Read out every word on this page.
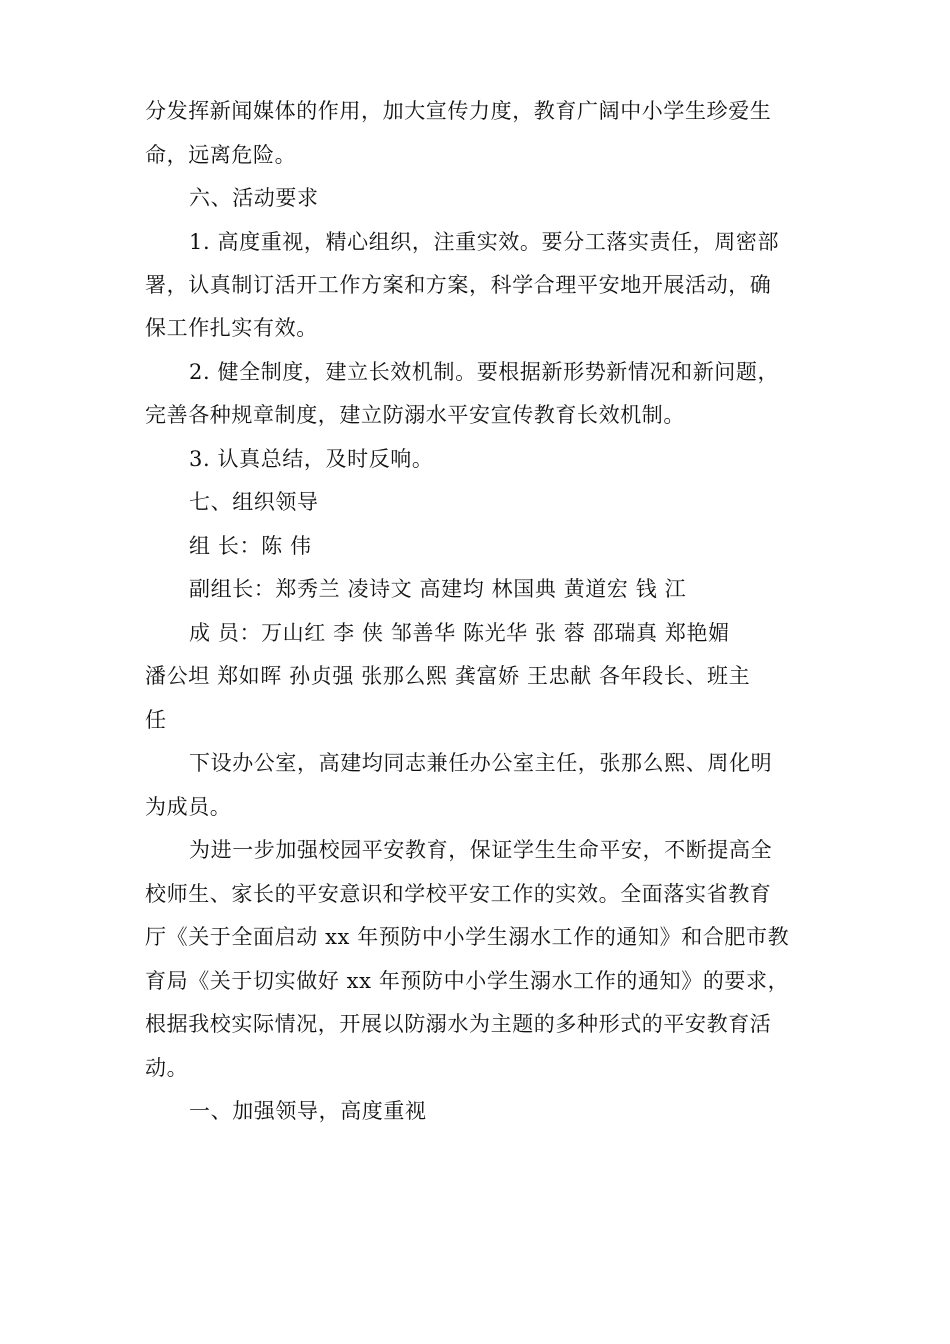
分发挥新闻媒体的作用，加大宣传力度，教育广阔中小学生珍爱生
命，远离危险。
六、活动要求
1. 高度重视，精心组织，注重实效。要分工落实责任，周密部
署，认真制订活开工作方案和方案，科学合理平安地开展活动，确
保工作扎实有效。
2. 健全制度，建立长效机制。要根据新形势新情况和新问题，
完善各种规章制度，建立防溺水平安宣传教育长效机制。
3. 认真总结，及时反响。
七、组织领导
组 长：陈 伟
副组长：郑秀兰 凌诗文 高建均 林国典 黄道宏 钱 江
成 员：万山红 李 侠 邹善华 陈光华 张 蓉 邵瑞真 郑艳媚
潘公坦 郑如晖 孙贞强 张那么熙 龚富娇 王忠献 各年段长、班主
任
下设办公室，高建均同志兼任办公室主任，张那么熙、周化明
为成员。
为进一步加强校园平安教育，保证学生生命平安，不断提高全
校师生、家长的平安意识和学校平安工作的实效。全面落实省教育
厅《关于全面启动 xx 年预防中小学生溺水工作的通知》和合肥市教
育局《关于切实做好 xx 年预防中小学生溺水工作的通知》的要求，
根据我校实际情况，开展以防溺水为主题的多种形式的平安教育活
动。
一、加强领导，高度重视
